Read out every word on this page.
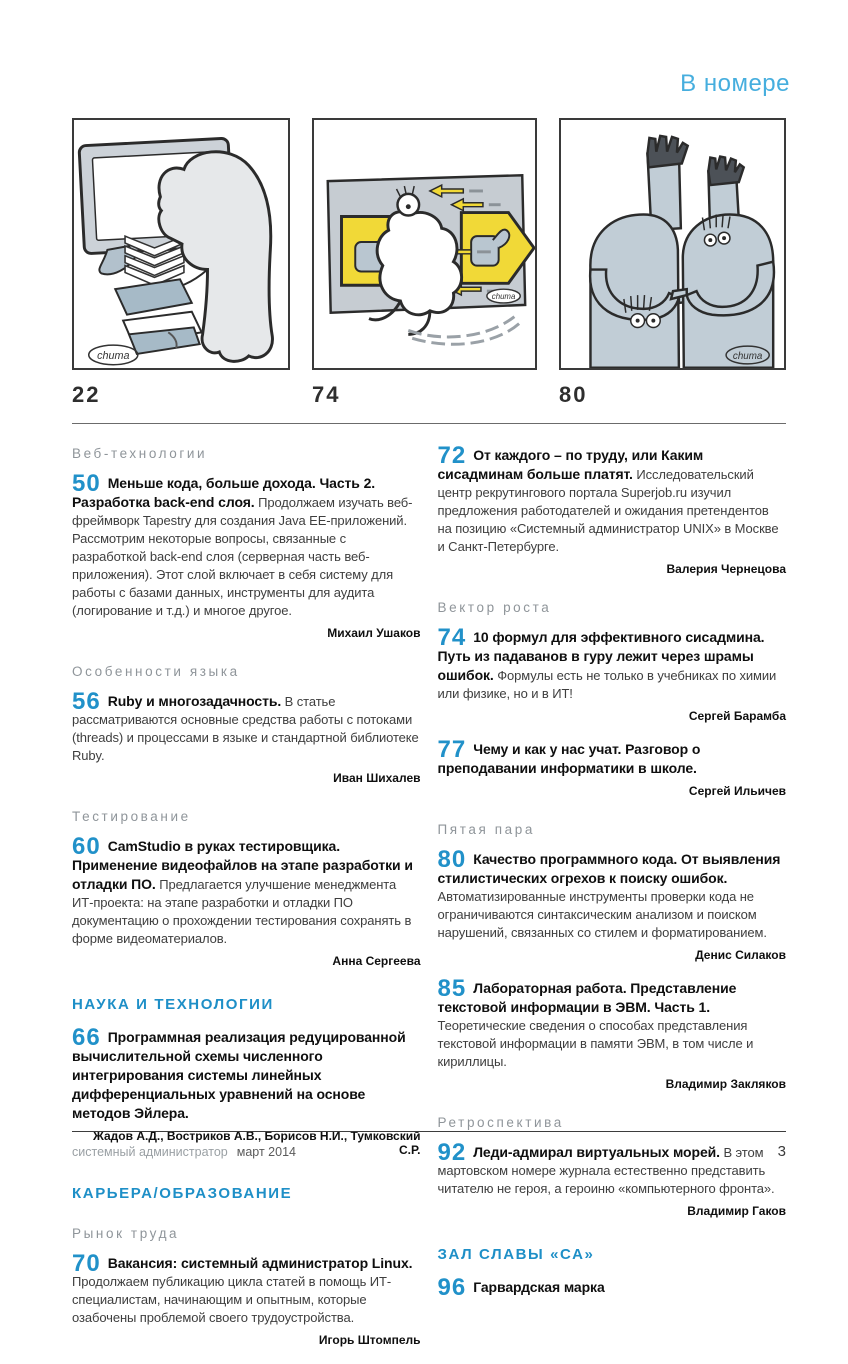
В номере
chuma
22
chuma
74
chuma
80
Веб-технологии

50 Меньше кода, больше дохода. Часть 2. Разработка back-end слоя. Продолжаем изучать веб-фреймворк Tapestry для создания Java EE-приложений. Рассмотрим некоторые вопросы, связанные с разработкой back-end слоя (серверная часть веб-приложения). Этот слой включает в себя систему для работы с базами данных, инструменты для аудита (логирование и т.д.) и многое другое.

Михаил Ушаков
Особенности языка

56 Ruby и многозадачность. В статье рассматриваются основные средства работы с потоками (threads) и процессами в языке и стандартной библиотеке Ruby.

Иван Шихалев
Тестирование

60 CamStudio в руках тестировщика. Применение видеофайлов на этапе разработки и отладки ПО. Предлагается улучшение менеджмента ИТ-проекта: на этапе разработки и отладки ПО документацию о прохождении тестирования сохранять в форме видеоматериалов.

Анна Сергеева
НАУКА И ТЕХНОЛОГИИ

66 Программная реализация редуцированной вычислительной схемы численного интегрирования системы линейных дифференциальных уравнений на основе методов Эйлера.

Жадов А.Д., Востриков А.В., Борисов Н.И., Тумковский С.Р.
КАРЬЕРА/ОБРАЗОВАНИЕ
Рынок труда

70 Вакансия: системный администратор Linux. Продолжаем публикацию цикла статей в помощь ИТ-специалистам, начинающим и опытным, которые озабочены проблемой своего трудоустройства.

Игорь Штомпель

72 От каждого – по труду, или Каким сисадминам больше платят. Исследовательский центр рекрутингового портала Superjob.ru изучил предложения работодателей и ожидания претендентов на позицию «Системный администратор UNIX» в Москве и Санкт-Петербурге.

Валерия Чернецова
Вектор роста

74 10 формул для эффективного сисадмина. Путь из падаванов в гуру лежит через шрамы ошибок. Формулы есть не только в учебниках по химии или физике, но и в ИТ!

Сергей Барамба

77 Чему и как у нас учат. Разговор о преподавании информатики в школе.

Сергей Ильичев
Пятая пара

80 Качество программного кода. От выявления стилистических огрехов к поиску ошибок. Автоматизированные инструменты проверки кода не ограничиваются синтаксическим анализом и поиском нарушений, связанных со стилем и форматированием.

Денис Силаков

85 Лабораторная работа. Представление текстовой информации в ЭВМ. Часть 1. Теоретические сведения о способах представления текстовой информации в памяти ЭВМ, в том числе и кириллицы.

Владимир Закляков
Ретроспектива

92 Леди-адмирал виртуальных морей. В этом мартовском номере журнала естественно представить читателю не героя, а героиню «компьютерного фронта».

Владимир Гаков
ЗАЛ СЛАВЫ «СА»

96 Гарвардская марка

системный администратор март 2014	3
